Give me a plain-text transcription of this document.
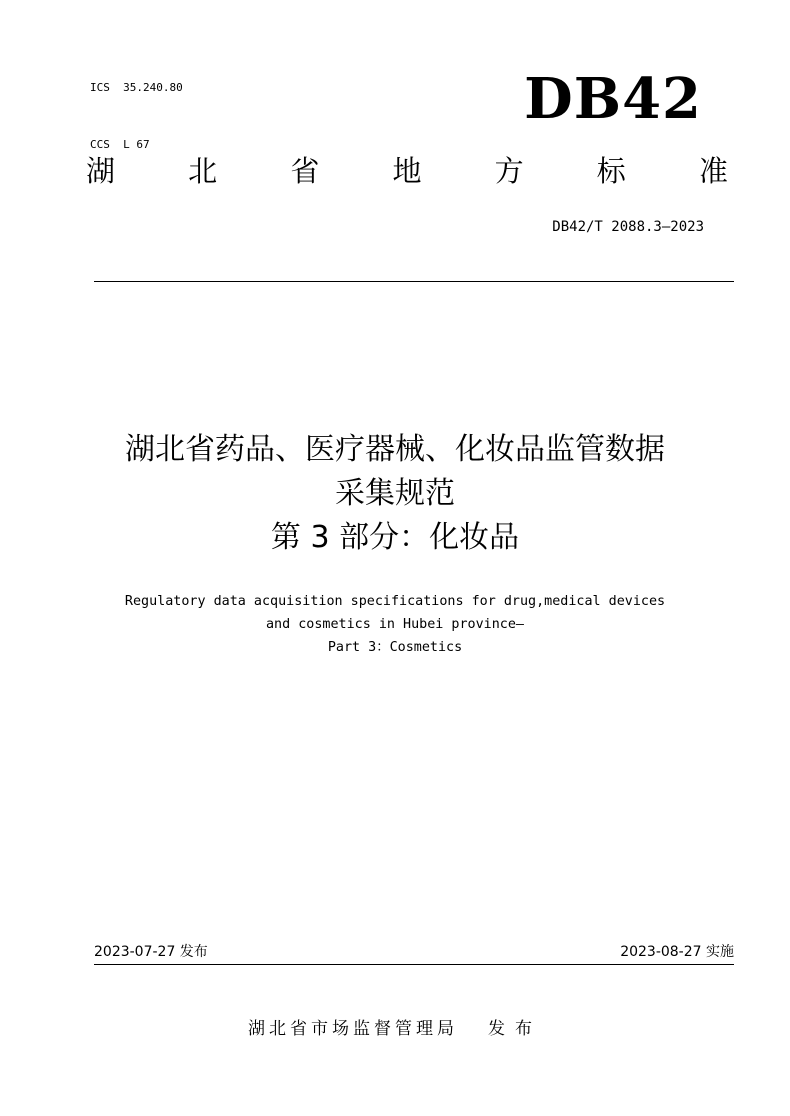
ICS  35.240.80

CCS  L 67

DB42
湖	北	省	地	方	标	准
DB42/T 2088.3—2023
湖北省药品、医疗器械、化妆品监管数据
采集规范
第 3 部分：化妆品
Regulatory data acquisition specifications for drug,medical devices
and cosmetics in Hubei province—
Part 3：Cosmetics
2023-07-27 发布	2023-08-27 实施
湖北省市场监督管理局 发布
